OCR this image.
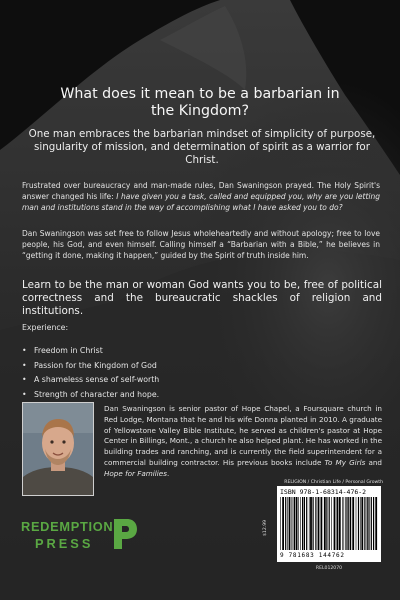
What does it mean to be a barbarian in the Kingdom?
One man embraces the barbarian mindset of simplicity of purpose, singularity of mission, and determination of spirit as a warrior for Christ.
Frustrated over bureaucracy and man-made rules, Dan Swaningson prayed. The Holy Spirit's answer changed his life: I have given you a task, called and equipped you, why are you letting man and institutions stand in the way of accomplishing what I have asked you to do?
Dan Swaningson was set free to follow Jesus wholeheartedly and without apology; free to love people, his God, and even himself. Calling himself a “Barbarian with a Bible,” he believes in “getting it done, making it happen,” guided by the Spirit of truth inside him.
Learn to be the man or woman God wants you to be, free of political correctness and the bureaucratic shackles of religion and institutions.
Experience:
• Freedom in Christ
• Passion for the Kingdom of God
• A shameless sense of self-worth
• Strength of character and hope.
Dan Swaningson is senior pastor of Hope Chapel, a Foursquare church in Red Lodge, Montana that he and his wife Donna planted in 2010. A graduate of Yellowstone Valley Bible Institute, he served as children's pastor at Hope Center in Billings, Mont., a church he also helped plant. He has worked in the building trades and ranching, and is currently the field superintendent for a commercial building contractor. His previous books include To My Girls and Hope for Families.
REDEMPTION
PRESS
RELIGION / Christian Life / Personal Growth
ISBN 978-1-68314-476-2
9 781683 144762
$12.99
REL012070
